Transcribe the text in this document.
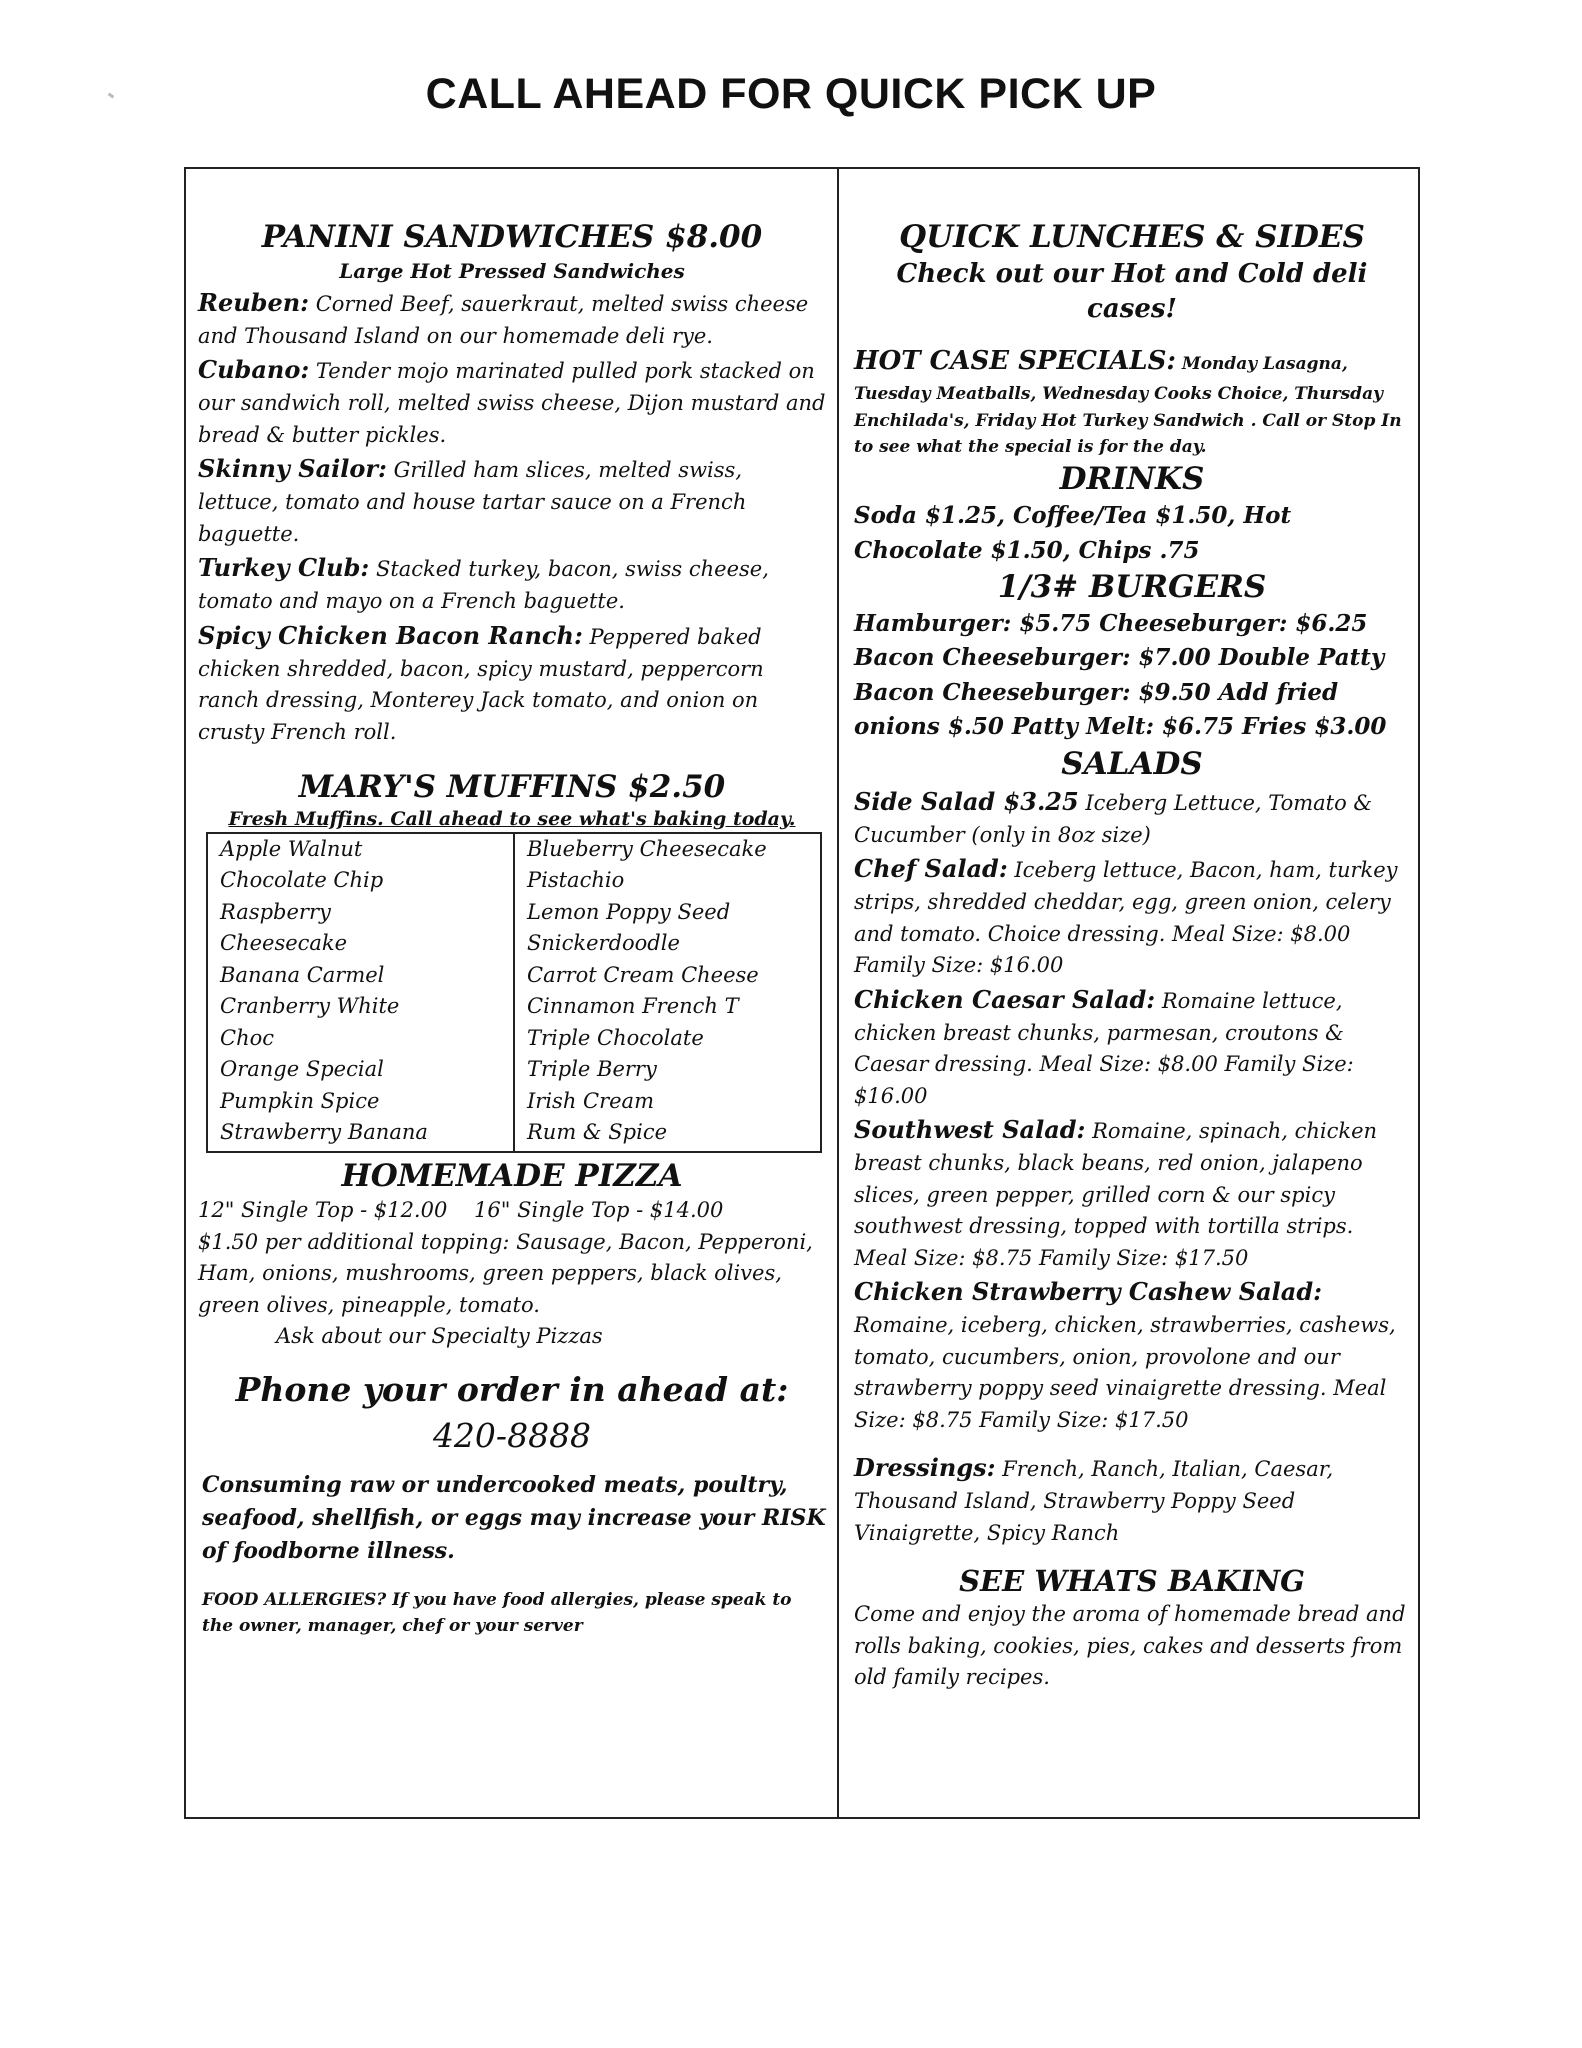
CALL AHEAD FOR QUICK PICK UP
PANINI SANDWICHES $8.00
Large Hot Pressed Sandwiches

Reuben: Corned Beef, sauerkraut, melted swiss cheese and Thousand Island on our homemade deli rye.

Cubano: Tender mojo marinated pulled pork stacked on our sandwich roll, melted swiss cheese, Dijon mustard and bread & butter pickles.

Skinny Sailor: Grilled ham slices, melted swiss, lettuce, tomato and house tartar sauce on a French baguette.

Turkey Club: Stacked turkey, bacon, swiss cheese, tomato and mayo on a French baguette.

Spicy Chicken Bacon Ranch: Peppered baked chicken shredded, bacon, spicy mustard, peppercorn ranch dressing, Monterey Jack tomato, and onion on crusty French roll.

MARY'S MUFFINS $2.50
Fresh Muffins. Call ahead to see what's baking today.
Apple Walnut
Chocolate Chip
Raspberry
Cheesecake
Banana Carmel
Cranberry White
Choc
Orange Special
Pumpkin Spice
Strawberry Banana
Blueberry Cheesecake
Pistachio
Lemon Poppy Seed
Snickerdoodle
Carrot Cream Cheese
Cinnamon French T
Triple Chocolate
Triple Berry
Irish Cream
Rum & Spice
HOMEMADE PIZZA

12" Single Top - $12.00    16" Single Top - $14.00

$1.50 per additional topping: Sausage, Bacon, Pepperoni, Ham, onions, mushrooms, green peppers, black olives, green olives, pineapple, tomato.

Ask about our Specialty Pizzas

Phone your order in ahead at:
420-8888
Consuming raw or undercooked meats, poultry, seafood, shellfish, or eggs may increase your RISK of foodborne illness.
FOOD ALLERGIES? If you have food allergies, please speak to the owner, manager, chef or your server
QUICK LUNCHES & SIDES
Check out our Hot and Cold deli cases!
HOT CASE SPECIALS: Monday Lasagna, Tuesday Meatballs, Wednesday Cooks Choice, Thursday Enchilada's, Friday Hot Turkey Sandwich . Call or Stop In to see what the special is for the day.
DRINKS
Soda $1.25, Coffee/Tea $1.50, Hot Chocolate $1.50, Chips .75
1/3# BURGERS
Hamburger: $5.75 Cheeseburger: $6.25 Bacon Cheeseburger: $7.00 Double Patty Bacon Cheeseburger: $9.50 Add fried onions $.50 Patty Melt: $6.75 Fries $3.00
SALADS

Side Salad $3.25 Iceberg Lettuce, Tomato & Cucumber (only in 8oz size)

Chef Salad: Iceberg lettuce, Bacon, ham, turkey strips, shredded cheddar, egg, green onion, celery and tomato. Choice dressing. Meal Size: $8.00 Family Size: $16.00

Chicken Caesar Salad: Romaine lettuce, chicken breast chunks, parmesan, croutons & Caesar dressing. Meal Size: $8.00 Family Size: $16.00

Southwest Salad: Romaine, spinach, chicken breast chunks, black beans, red onion, jalapeno slices, green pepper, grilled corn & our spicy southwest dressing, topped with tortilla strips. Meal Size: $8.75 Family Size: $17.50

Chicken Strawberry Cashew Salad: Romaine, iceberg, chicken, strawberries, cashews, tomato, cucumbers, onion, provolone and our strawberry poppy seed vinaigrette dressing. Meal Size: $8.75 Family Size: $17.50

Dressings: French, Ranch, Italian, Caesar, Thousand Island, Strawberry Poppy Seed Vinaigrette, Spicy Ranch

SEE WHATS BAKING
Come and enjoy the aroma of homemade bread and rolls baking, cookies, pies, cakes and desserts from old family recipes.
